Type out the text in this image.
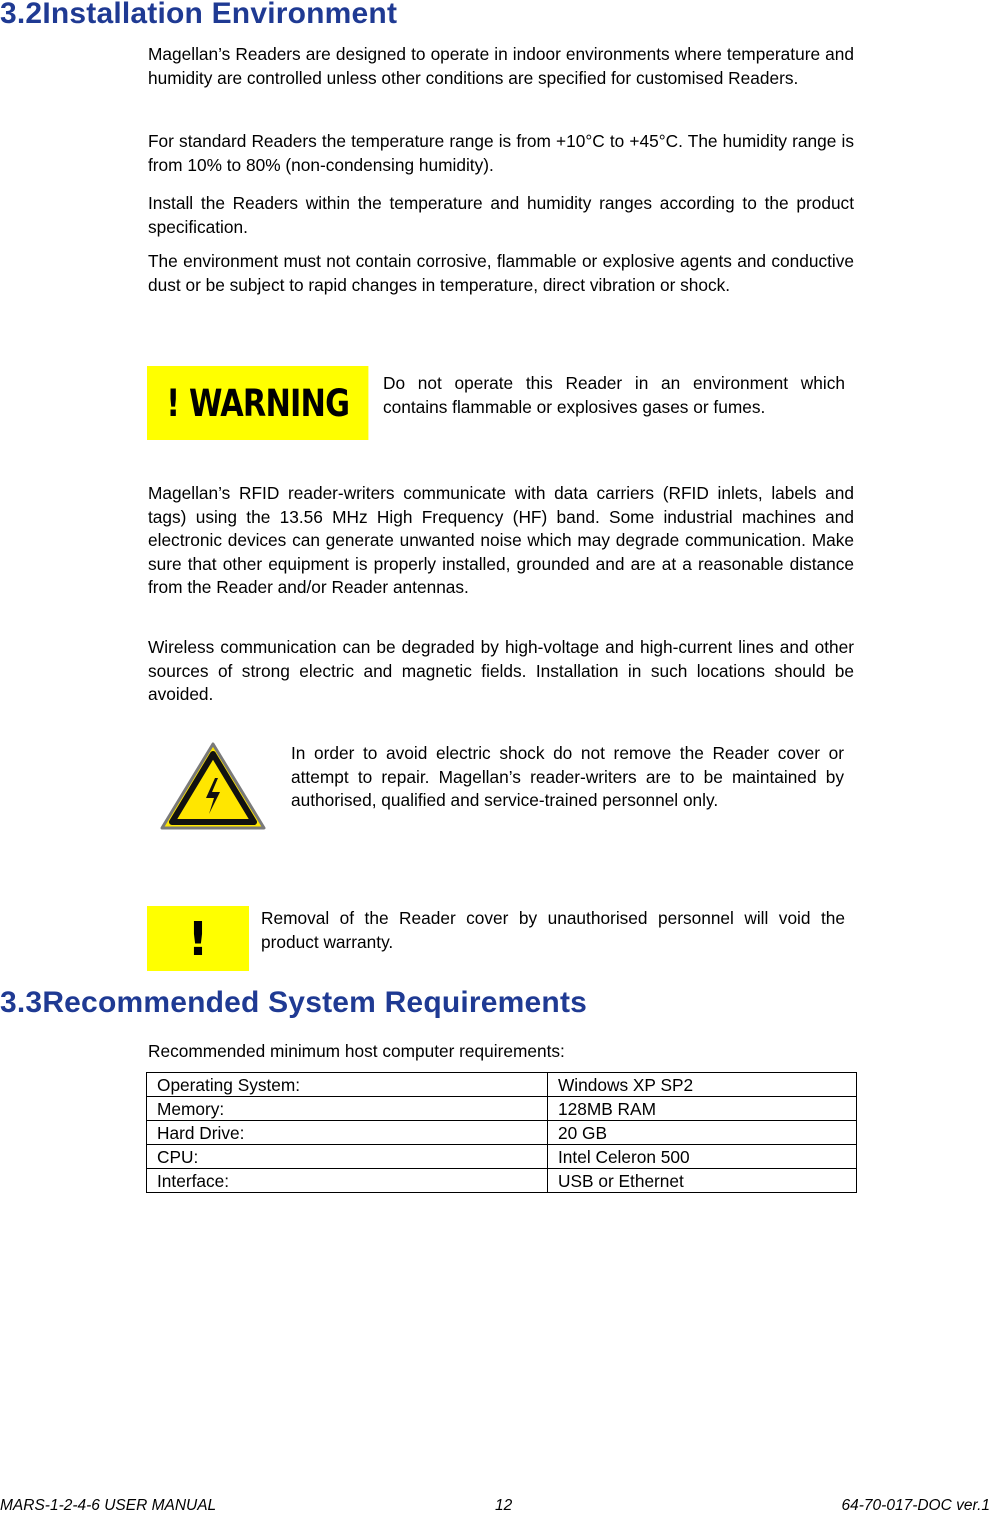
3.2Installation Environment

Magellan’s Readers are designed to operate in indoor environments where temperature and humidity are controlled unless other conditions are specified for customised Readers.

For standard Readers the temperature range is from +10°C to +45°C. The humidity range is from 10% to 80% (non-condensing humidity).

Install the Readers within the temperature and humidity ranges according to the product specification.

The environment must not contain corrosive, flammable or explosive agents and conductive dust or be subject to rapid changes in temperature, direct vibration or shock.

! WARNING Do not operate this Reader in an environment which contains flammable or explosives gases or fumes.

Magellan’s RFID reader-writers communicate with data carriers (RFID inlets, labels and tags) using the 13.56 MHz High Frequency (HF) band. Some industrial machines and electronic devices can generate unwanted noise which may degrade communication. Make sure that other equipment is properly installed, grounded and are at a reasonable distance from the Reader and/or Reader antennas.

Wireless communication can be degraded by high-voltage and high-current lines and other sources of strong electric and magnetic fields. Installation in such locations should be avoided.

In order to avoid electric shock do not remove the Reader cover or attempt to repair. Magellan’s reader-writers are to be maintained by authorised, qualified and service-trained personnel only.

!	Removal of the Reader cover by unauthorised personnel will void the product warranty.

3.3Recommended System Requirements

Recommended minimum host computer requirements:

Operating System:	Windows XP SP2
Memory:	128MB RAM
Hard Drive:	20 GB
CPU:	Intel Celeron 500
Interface:	USB or Ethernet
MARS-1-2-4-6 USER MANUAL	12	64-70-017-DOC ver.1
